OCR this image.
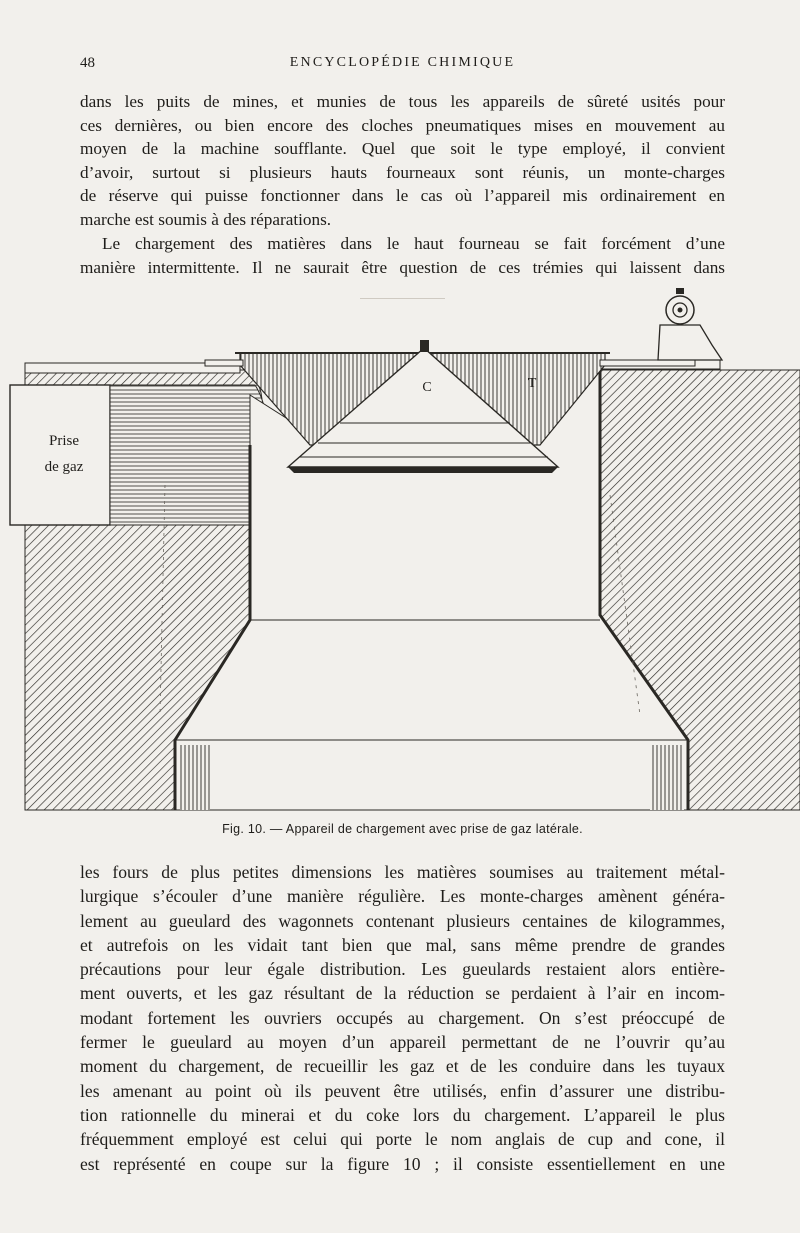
48	ENCYCLOPÉDIE CHIMIQUE

dans les puits de mines, et munies de tous les appareils de sûreté usités pour
ces dernières, ou bien encore des cloches pneumatiques mises en mouvement au
moyen de la machine soufflante. Quel que soit le type employé, il convient
d’avoir, surtout si plusieurs hauts fourneaux sont réunis, un monte-charges
de réserve qui puisse fonctionner dans le cas où l’appareil mis ordinairement en
marche est soumis à des réparations.

Le chargement des matières dans le haut fourneau se fait forcément d’une
manière intermittente. Il ne saurait être question de ces trémies qui laissent dans

C	T
Prise
de gaz
Fig. 10. — Appareil de chargement avec prise de gaz latérale.

les fours de plus petites dimensions les matières soumises au traitement métal-
lurgique s’écouler d’une manière régulière. Les monte-charges amènent généra-
lement au gueulard des wagonnets contenant plusieurs centaines de kilogrammes,
et autrefois on les vidait tant bien que mal, sans même prendre de grandes
précautions pour leur égale distribution. Les gueulards restaient alors entière-
ment ouverts, et les gaz résultant de la réduction se perdaient à l’air en incom-
modant fortement les ouvriers occupés au chargement. On s’est préoccupé de
fermer le gueulard au moyen d’un appareil permettant de ne l’ouvrir qu’au
moment du chargement, de recueillir les gaz et de les conduire dans les tuyaux
les amenant au point où ils peuvent être utilisés, enfin d’assurer une distribu-
tion rationnelle du minerai et du coke lors du chargement. L’appareil le plus
fréquemment employé est celui qui porte le nom anglais de cup and cone, il
est représenté en coupe sur la figure 10 ; il consiste essentiellement en une
